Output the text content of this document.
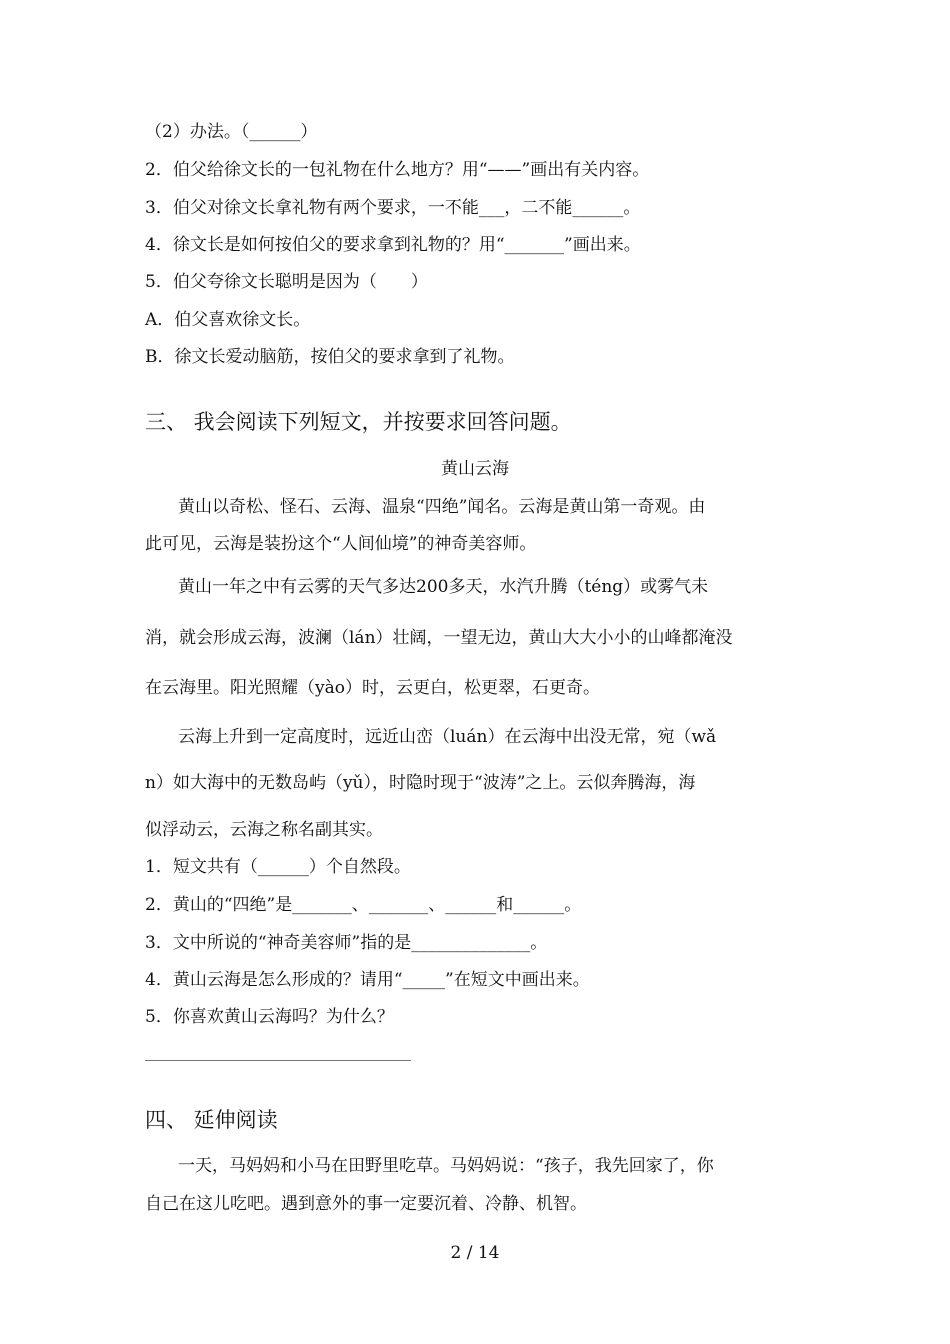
（2）办法。（______）
2．伯父给徐文长的一包礼物在什么地方？用“——”画出有关内容。
3．伯父对徐文长拿礼物有两个要求，一不能___，二不能______。
4．徐文长是如何按伯父的要求拿到礼物的？用“_______”画出来。
5．伯父夸徐文长聪明是因为（　　）
A．伯父喜欢徐文长。
B．徐文长爱动脑筋，按伯父的要求拿到了礼物。
三、 我会阅读下列短文，并按要求回答问题。
黄山云海
黄山以奇松、怪石、云海、温泉“四绝”闻名。云海是黄山第一奇观。由
此可见，云海是装扮这个“人间仙境”的神奇美容师。
黄山一年之中有云雾的天气多达200多天，水汽升腾（téng）或雾气未
消，就会形成云海，波澜（lán）壮阔，一望无边，黄山大大小小的山峰都淹没
在云海里。阳光照耀（yào）时，云更白，松更翠，石更奇。
云海上升到一定高度时，远近山峦（luán）在云海中出没无常，宛（wǎ
n）如大海中的无数岛屿（yǔ），时隐时现于“波涛”之上。云似奔腾海，海
似浮动云，云海之称名副其实。
1．短文共有（______）个自然段。
2．黄山的“四绝”是_______、_______、______和______。
3．文中所说的“神奇美容师”指的是______________。
4．黄山云海是怎么形成的？请用“_____”在短文中画出来。
5．你喜欢黄山云海吗？为什么？
四、 延伸阅读
一天，马妈妈和小马在田野里吃草。马妈妈说：“孩子，我先回家了，你
自己在这儿吃吧。遇到意外的事一定要沉着、冷静、机智。
2 / 14
